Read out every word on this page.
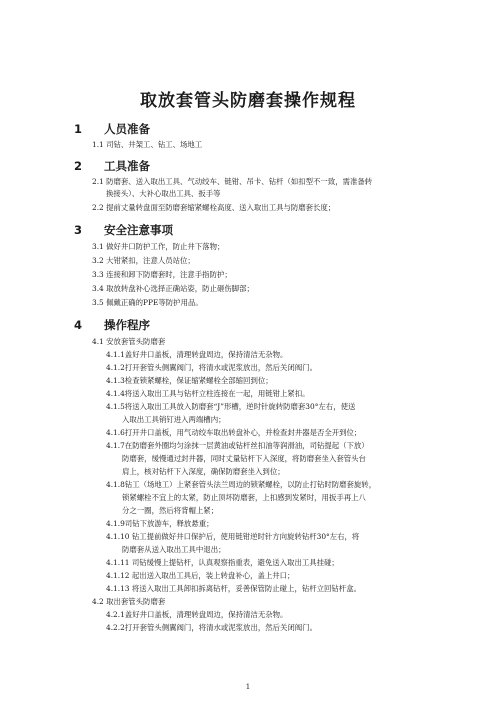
取放套管头防磨套操作规程
1 人员准备
1.1 司钻、井架工、钻工、场地工
2 工具准备
2.1 防磨套、送入取出工具、气动绞车、链钳、吊卡、钻杆（如扣型不一致，需准备转
换接头）、大补心取出工具、扳手等
2.2 提前丈量转盘面至防磨套缩紧螺栓高度、送入取出工具与防磨套长度；
3 安全注意事项
3.1 做好井口防护工作，防止井下落物；
3.2 大钳紧扣，注意人员站位；
3.3 连接和卸下防磨套时，注意手指防护；
3.4 取放转盘补心选择正确站姿，防止砸伤脚部；
3.5 佩戴正确的PPE等防护用品。
4 操作程序
4.1 安放套管头防磨套
4.1.1盖好井口盖板，清理转盘周边，保持清洁无杂物。
4.1.2打开套管头侧翼阀门，将清水或泥浆放出，然后关闭阀门。
4.1.3检查锁紧螺栓，保证缩紧螺栓全部缩回到位；
4.1.4将送入取出工具与钻杆立柱连接在一起，用链钳上紧扣。
4.1.5将送入取出工具放入防磨套“J”形槽，逆时针旋转防磨套30°左右，使送
入取出工具销钉进入两端槽内；
4.1.6打开井口盖板，用气动绞车取出转盘补心，并检查封井器是否全开到位；
4.1.7在防磨套外圈均匀涂抹一层黄油或钻杆丝扣油等润滑油，司钻提起（下放）
防磨套，缓慢通过封井器，同时丈量钻杆下入深度，将防磨套坐入套管头台
肩上，核对钻杆下入深度，确保防磨套坐入到位；
4.1.8钻工（场地工）上紧套管头法兰周边的锁紧螺栓，以防止打钻时防磨套旋转，
锁紧螺栓不宜上的太紧，防止顶坏防磨套，上扣感到发紧时，用扳手再上八
分之一圈，然后将背帽上紧；
4.1.9司钻下放游车，释放悬重；
4.1.10 钻工提前做好井口保护后，使用链钳逆时针方向旋转钻杆30°左右，将
防磨套从送入取出工具中退出；
4.1.11 司钻缓慢上提钻杆，认真观察指重表，避免送入取出工具挂碰；
4.1.12 起出送入取出工具后，装上转盘补心，盖上井口；
4.1.13 将送入取出工具卸扣拆离钻杆，妥善保管防止碰上，钻杆立回钻杆盒。
4.2 取出套管头防磨套
4.2.1盖好井口盖板，清理转盘周边，保持清洁无杂物。
4.2.2打开套管头侧翼阀门，将清水或泥浆放出，然后关闭阀门。
1
